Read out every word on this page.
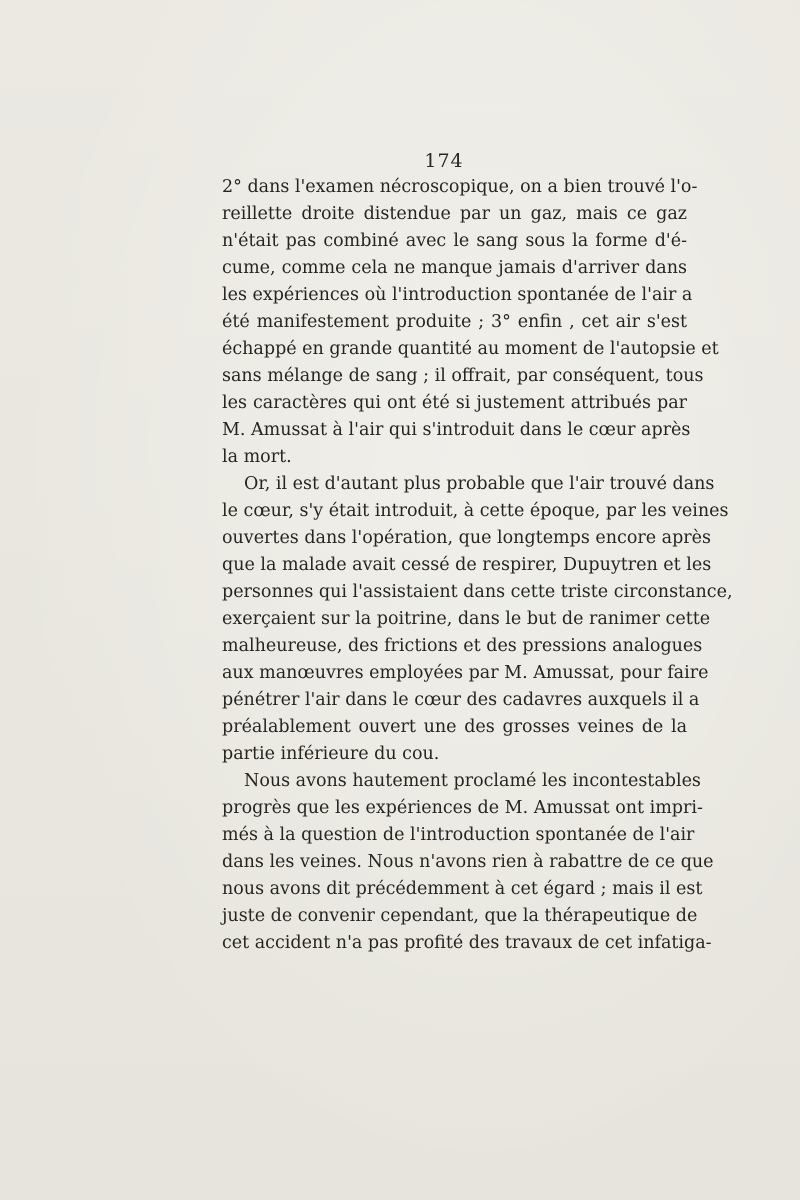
174
2° dans l'examen nécroscopique, on a bien trouvé l'o-
reillette droite distendue par un gaz, mais ce gaz
n'était pas combiné avec le sang sous la forme d'é-
cume, comme cela ne manque jamais d'arriver dans
les expériences où l'introduction spontanée de l'air a
été manifestement produite ; 3° enfin , cet air s'est
échappé en grande quantité au moment de l'autopsie et
sans mélange de sang ; il offrait, par conséquent, tous
les caractères qui ont été si justement attribués par
M. Amussat à l'air qui s'introduit dans le cœur après
la mort.
Or, il est d'autant plus probable que l'air trouvé dans
le cœur, s'y était introduit, à cette époque, par les veines
ouvertes dans l'opération, que longtemps encore après
que la malade avait cessé de respirer, Dupuytren et les
personnes qui l'assistaient dans cette triste circonstance,
exerçaient sur la poitrine, dans le but de ranimer cette
malheureuse, des frictions et des pressions analogues
aux manœuvres employées par M. Amussat, pour faire
pénétrer l'air dans le cœur des cadavres auxquels il a
préalablement ouvert une des grosses veines de la
partie inférieure du cou.
Nous avons hautement proclamé les incontestables
progrès que les expériences de M. Amussat ont impri-
més à la question de l'introduction spontanée de l'air
dans les veines. Nous n'avons rien à rabattre de ce que
nous avons dit précédemment à cet égard ; mais il est
juste de convenir cependant, que la thérapeutique de
cet accident n'a pas profité des travaux de cet infatiga-
